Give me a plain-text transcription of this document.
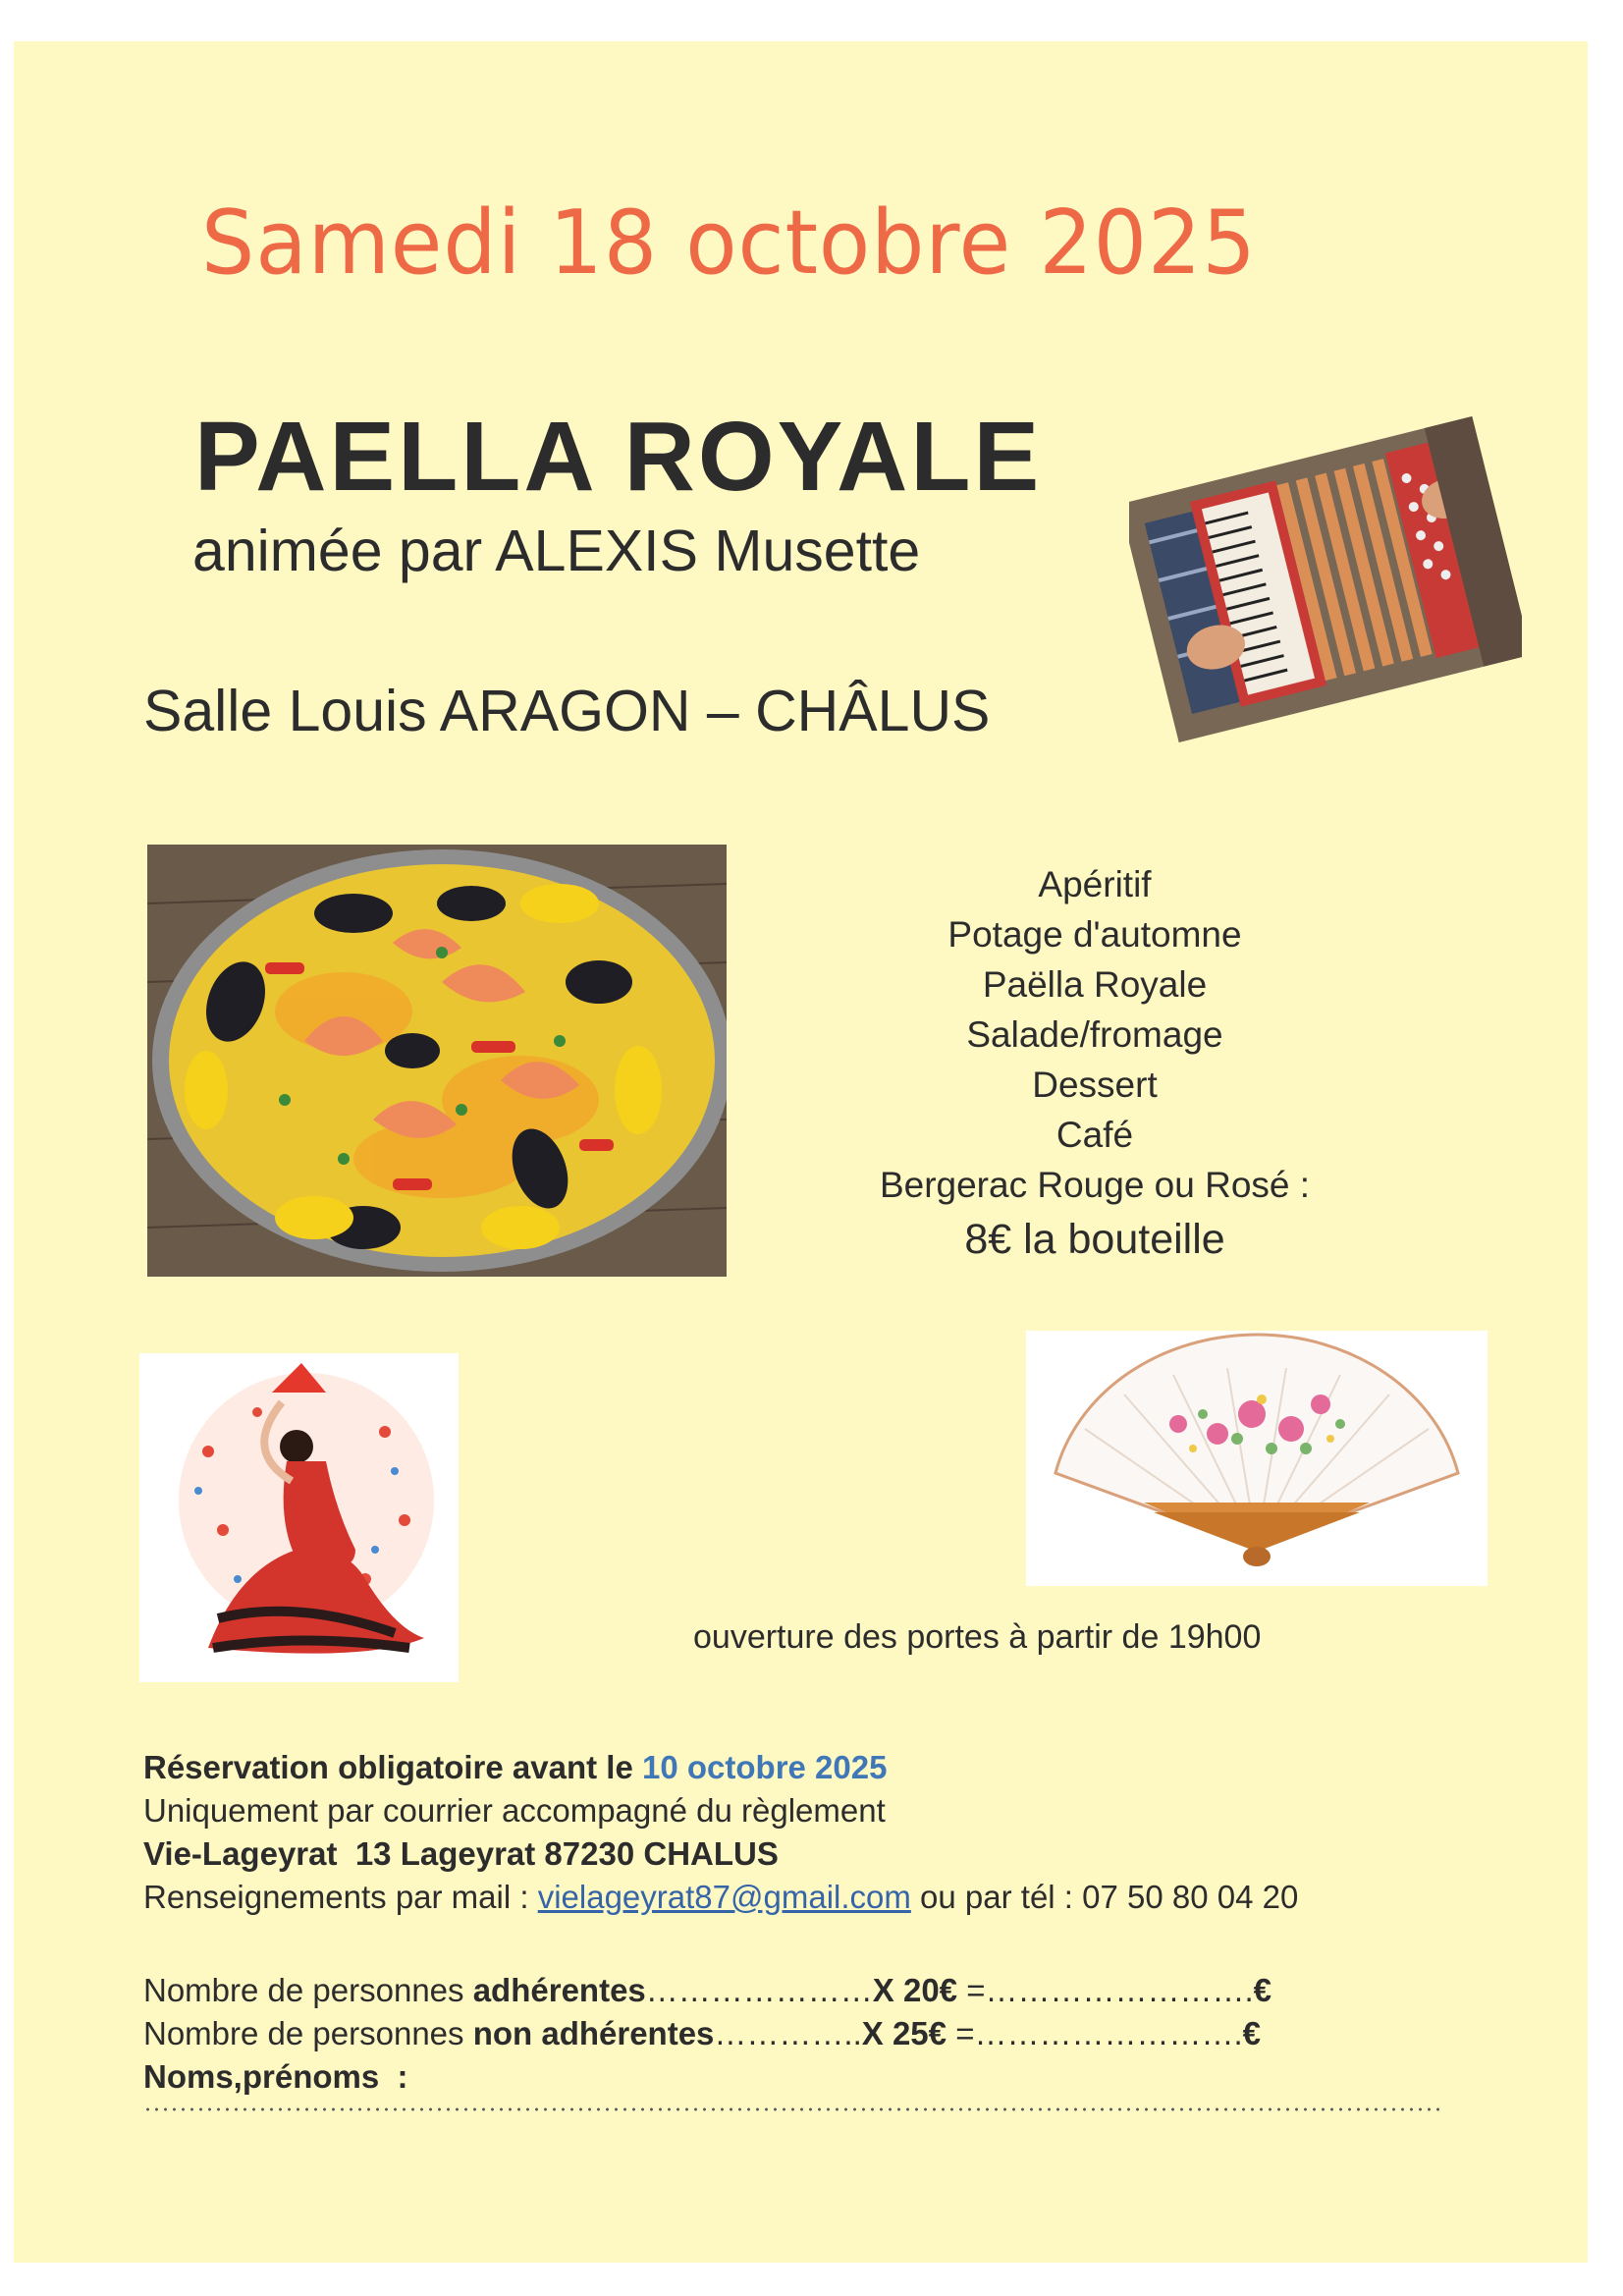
Samedi 18 octobre 2025
PAELLA ROYALE
animée par ALEXIS Musette
Salle Louis ARAGON – CHÂLUS
Apéritif
Potage d'automne
Paëlla Royale
Salade/fromage
Dessert
Café
Bergerac Rouge ou Rosé :
8€ la bouteille
ouverture des portes à partir de 19h00
Réservation obligatoire avant le 10 octobre 2025
Uniquement par courrier accompagné du règlement
Vie-Lageyrat  13 Lageyrat 87230 CHALUS
Renseignements par mail : vielageyrat87@gmail.com ou par tél : 07 50 80 04 20
Nombre de personnes adhérentes…………………X 20€ =…………………….€
Nombre de personnes non adhérentes…………..X 25€ =…………………….€
Noms,prénoms  :
